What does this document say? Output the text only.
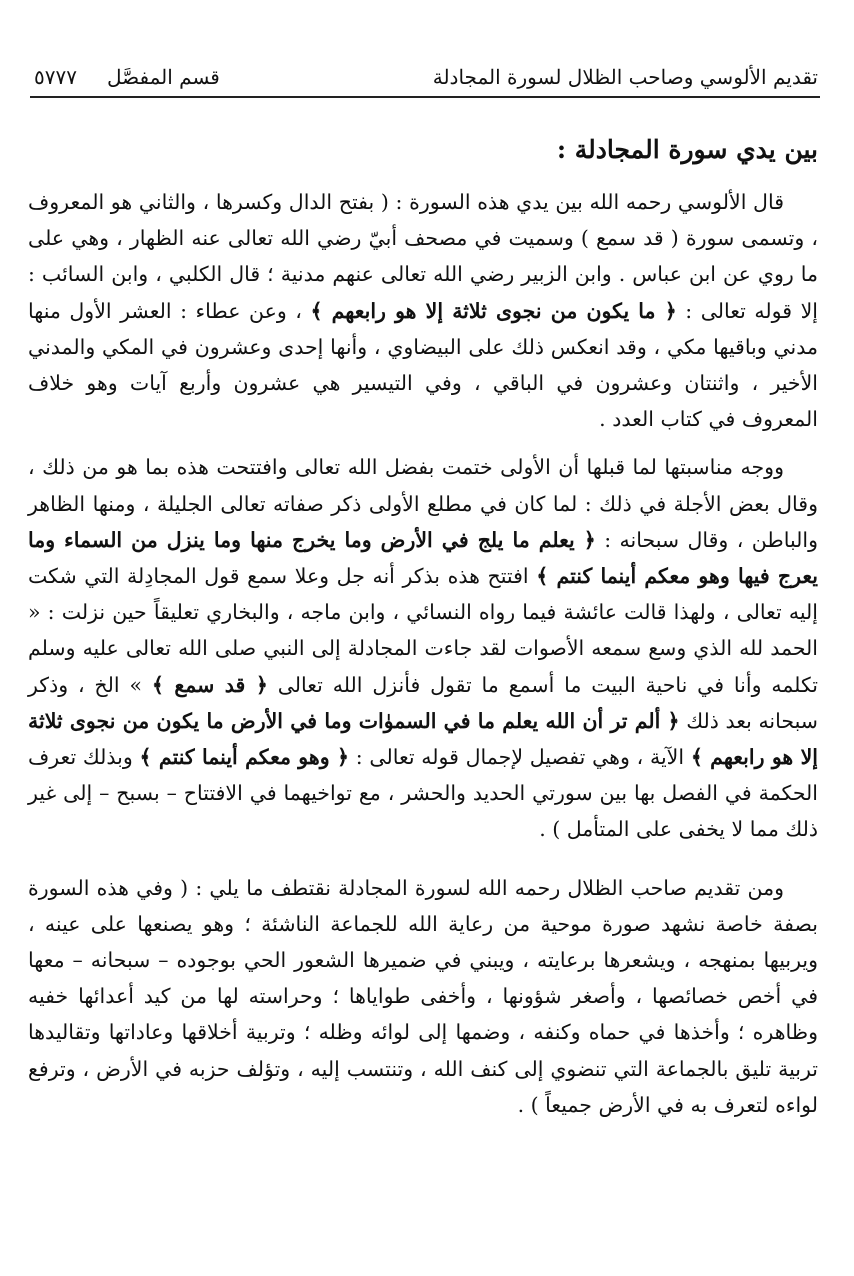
تقديم الألوسي وصاحب الظلال لسورة المجادلة
قسم المفصَّل
٥٧٧٧
بين يدي سورة المجادلة :

قال الألوسي رحمه الله بين يدي هذه السورة : ( بفتح الدال وكسرها ، والثاني هو المعروف ، وتسمى سورة ( قد سمع ) وسميت في مصحف أبيّ رضي الله تعالى عنه الظهار ، وهي على ما روي عن ابن عباس . وابن الزبير رضي الله تعالى عنهم مدنية ؛ قال الكلبي ، وابن السائب : إلا قوله تعالى : ﴿ ما يكون من نجوى ثلاثة إلا هو رابعهم ﴾ ، وعن عطاء : العشر الأول منها مدني وباقيها مكي ، وقد انعكس ذلك على البيضاوي ، وأنها إحدى وعشرون في المكي والمدني الأخير ، واثنتان وعشرون في الباقي ، وفي التيسير هي عشرون وأربع آيات وهو خلاف المعروف في كتاب العدد .

ووجه مناسبتها لما قبلها أن الأولى ختمت بفضل الله تعالى وافتتحت هذه بما هو من ذلك ، وقال بعض الأجلة في ذلك : لما كان في مطلع الأولى ذكر صفاته تعالى الجليلة ، ومنها الظاهر والباطن ، وقال سبحانه : ﴿ يعلم ما يلج في الأرض وما يخرج منها وما ينزل من السماء وما يعرج فيها وهو معكم أينما كنتم ﴾ افتتح هذه بذكر أنه جل وعلا سمع قول المجادِلة التي شكت إليه تعالى ، ولهذا قالت عائشة فيما رواه النسائي ، وابن ماجه ، والبخاري تعليقاً حين نزلت : « الحمد لله الذي وسع سمعه الأصوات لقد جاءت المجادلة إلى النبي صلى الله تعالى عليه وسلم تكلمه وأنا في ناحية البيت ما أسمع ما تقول فأنزل الله تعالى ﴿ قد سمع ﴾ » الخ ، وذكر سبحانه بعد ذلك ﴿ ألم تر أن الله يعلم ما في السموٰات وما في الأرض ما يكون من نجوى ثلاثة إلا هو رابعهم ﴾ الآية ، وهي تفصيل لإجمال قوله تعالى : ﴿ وهو معكم أينما كنتم ﴾ وبذلك تعرف الحكمة في الفصل بها بين سورتي الحديد والحشر ، مع تواخيهما في الافتتاح – بسبح – إلى غير ذلك مما لا يخفى على المتأمل ) .

ومن تقديم صاحب الظلال رحمه الله لسورة المجادلة نقتطف ما يلي : ( وفي هذه السورة بصفة خاصة نشهد صورة موحية من رعاية الله للجماعة الناشئة ؛ وهو يصنعها على عينه ، ويربيها بمنهجه ، ويشعرها برعايته ، ويبني في ضميرها الشعور الحي بوجوده – سبحانه – معها في أخص خصائصها ، وأصغر شؤونها ، وأخفى طواياها ؛ وحراسته لها من كيد أعدائها خفيه وظاهره ؛ وأخذها في حماه وكنفه ، وضمها إلى لوائه وظله ؛ وتربية أخلاقها وعاداتها وتقاليدها تربية تليق بالجماعة التي تنضوي إلى كنف الله ، وتنتسب إليه ، وتؤلف حزبه في الأرض ، وترفع لواءه لتعرف به في الأرض جميعاً ) .
